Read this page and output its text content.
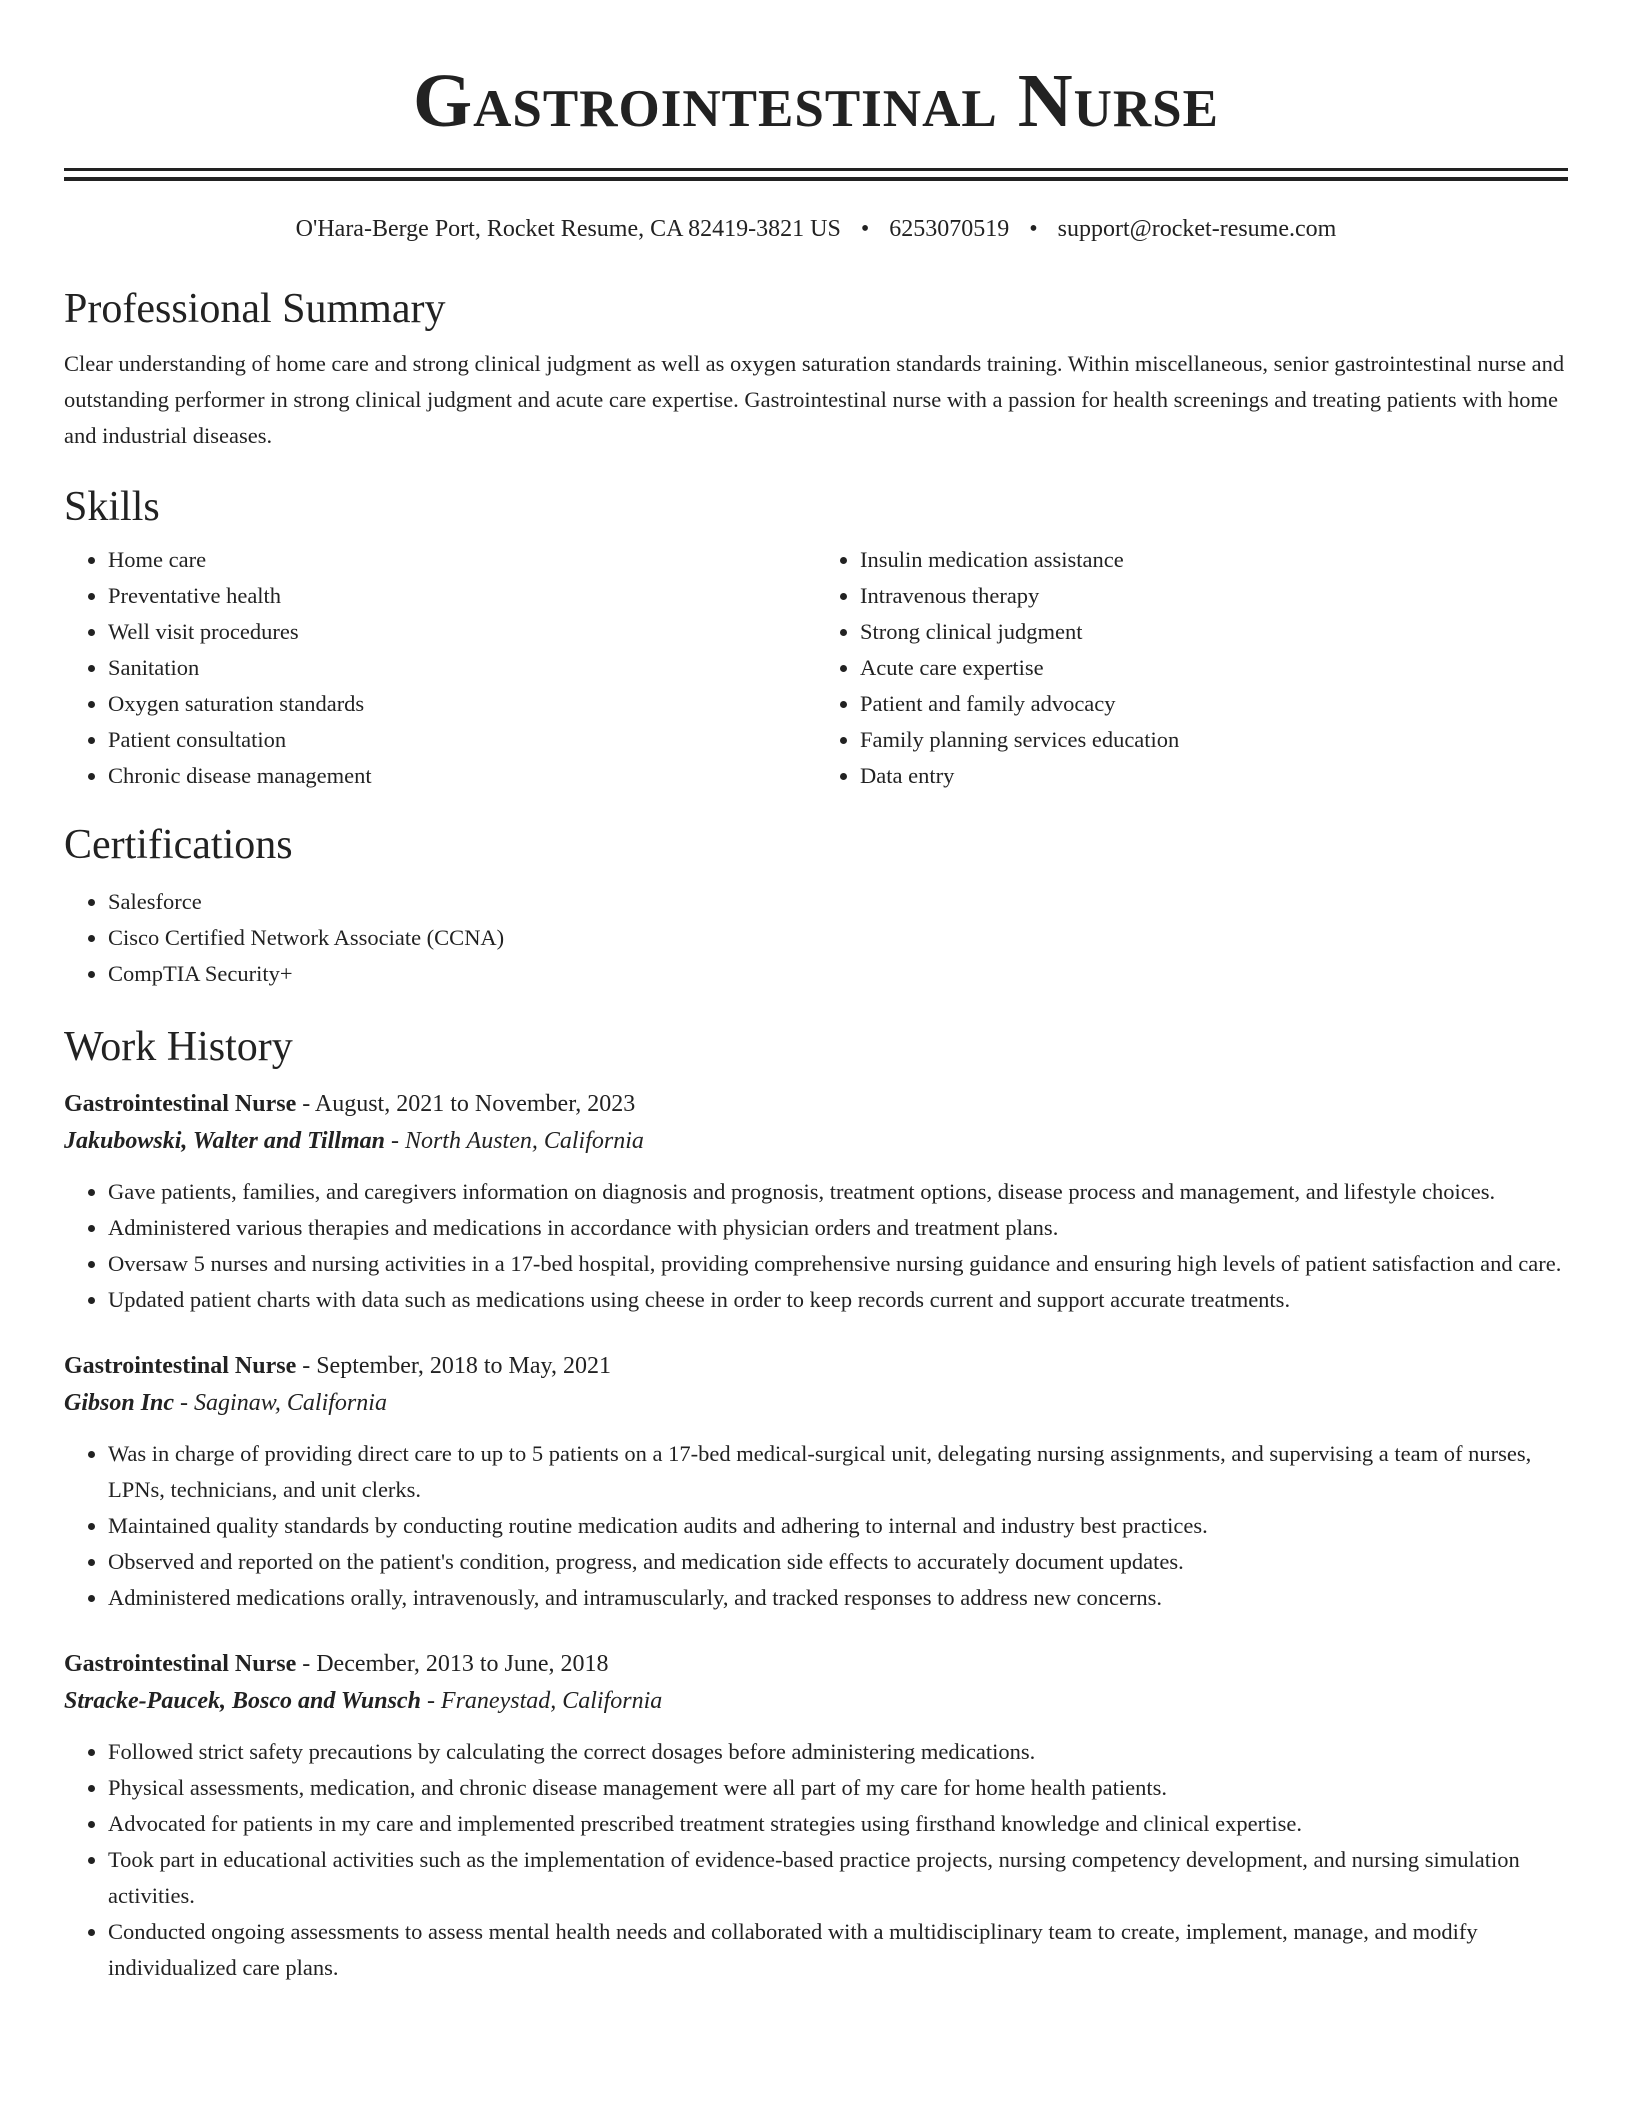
Gastrointestinal Nurse
O'Hara-Berge Port, Rocket Resume, CA 82419-3821 US • 6253070519 • support@rocket-resume.com
Professional Summary

Clear understanding of home care and strong clinical judgment as well as oxygen saturation standards training. Within miscellaneous, senior gastrointestinal nurse and outstanding performer in strong clinical judgment and acute care expertise. Gastrointestinal nurse with a passion for health screenings and treating patients with home and industrial diseases.

Skills
• Home care
• Preventative health
• Well visit procedures
• Sanitation
• Oxygen saturation standards
• Patient consultation
• Chronic disease management
• Insulin medication assistance
• Intravenous therapy
• Strong clinical judgment
• Acute care expertise
• Patient and family advocacy
• Family planning services education
• Data entry
Certifications
• Salesforce
• Cisco Certified Network Associate (CCNA)
• CompTIA Security+
Work History
Gastrointestinal Nurse - August, 2021 to November, 2023
Jakubowski, Walter and Tillman - North Austen, California
• Gave patients, families, and caregivers information on diagnosis and prognosis, treatment options, disease process and management, and lifestyle choices.
• Administered various therapies and medications in accordance with physician orders and treatment plans.
• Oversaw 5 nurses and nursing activities in a 17-bed hospital, providing comprehensive nursing guidance and ensuring high levels of patient satisfaction and care.
• Updated patient charts with data such as medications using cheese in order to keep records current and support accurate treatments.
Gastrointestinal Nurse - September, 2018 to May, 2021
Gibson Inc - Saginaw, California
• Was in charge of providing direct care to up to 5 patients on a 17-bed medical-surgical unit, delegating nursing assignments, and supervising a team of nurses, LPNs, technicians, and unit clerks.
• Maintained quality standards by conducting routine medication audits and adhering to internal and industry best practices.
• Observed and reported on the patient's condition, progress, and medication side effects to accurately document updates.
• Administered medications orally, intravenously, and intramuscularly, and tracked responses to address new concerns.
Gastrointestinal Nurse - December, 2013 to June, 2018
Stracke-Paucek, Bosco and Wunsch - Franeystad, California
• Followed strict safety precautions by calculating the correct dosages before administering medications.
• Physical assessments, medication, and chronic disease management were all part of my care for home health patients.
• Advocated for patients in my care and implemented prescribed treatment strategies using firsthand knowledge and clinical expertise.
• Took part in educational activities such as the implementation of evidence-based practice projects, nursing competency development, and nursing simulation activities.
• Conducted ongoing assessments to assess mental health needs and collaborated with a multidisciplinary team to create, implement, manage, and modify individualized care plans.
